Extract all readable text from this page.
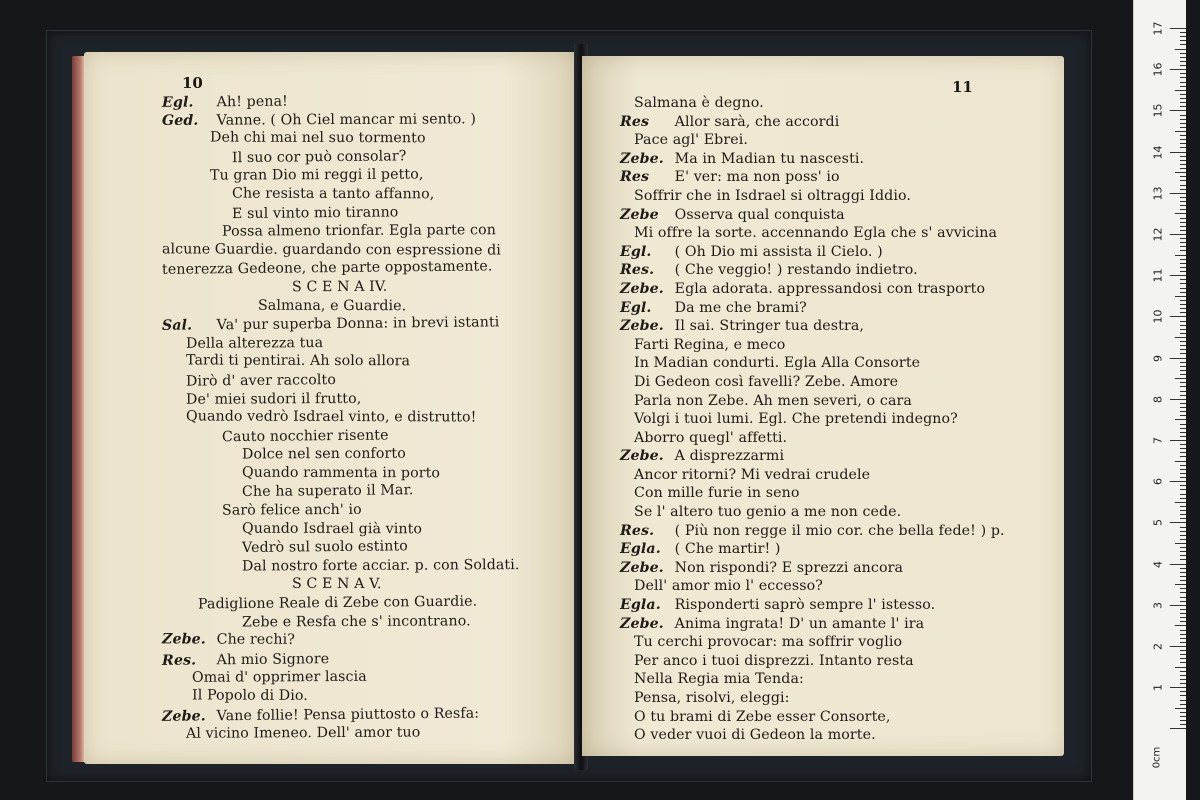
10
Egl. Ah! pena!
Ged. Vanne. ( Oh Ciel mancar mi sento. )
Deh chi mai nel suo tormento
Il suo cor può consolar?
Tu gran Dio mi reggi il petto,
Che resista a tanto affanno,
E sul vinto mio tiranno
Possa almeno trionfar. Egla parte con
alcune Guardie. guardando con espressione di
tenerezza Gedeone, che parte oppostamente.
S C E N A IV.
Salmana, e Guardie.
Sal. Va' pur superba Donna: in brevi istanti
Della alterezza tua
Tardi ti pentirai. Ah solo allora
Dirò d' aver raccolto
De' miei sudori il frutto,
Quando vedrò Isdrael vinto, e distrutto!
Cauto nocchier risente
Dolce nel sen conforto
Quando rammenta in porto
Che ha superato il Mar.
Sarò felice anch' io
Quando Isdrael già vinto
Vedrò sul suolo estinto
Dal nostro forte acciar. p. con Soldati.
S C E N A V.
Padiglione Reale di Zebe con Guardie.
Zebe e Resfa che s' incontrano.
Zebe. Che rechi?
Res. Ah mio Signore
Omai d' opprimer lascia
Il Popolo di Dio.
Zebe. Vane follie! Pensa piuttosto o Resfa:
Al vicino Imeneo. Dell' amor tuo
11
Salmana è degno.
Res Allor sarà, che accordi
Pace agl' Ebrei.
Zebe. Ma in Madian tu nascesti.
Res E' ver: ma non poss' io
Soffrir che in Isdrael si oltraggi Iddio.
Zebe Osserva qual conquista
Mi offre la sorte. accennando Egla che s' avvicina
Egl. ( Oh Dio mi assista il Cielo. )
Res. ( Che veggio! ) restando indietro.
Zebe. Egla adorata. appressandosi con trasporto
Egl. Da me che brami?
Zebe. Il sai. Stringer tua destra,
Farti Regina, e meco
In Madian condurti. Egla Alla Consorte
Di Gedeon così favelli? Zebe. Amore
Parla non Zebe. Ah men severi, o cara
Volgi i tuoi lumi. Egl. Che pretendi indegno?
Aborro quegl' affetti.
Zebe. A disprezzarmi
Ancor ritorni? Mi vedrai crudele
Con mille furie in seno
Se l' altero tuo genio a me non cede.
Res. ( Più non regge il mio cor. che bella fede! ) p.
Egla. ( Che martir! )
Zebe. Non rispondi? E sprezzi ancora
Dell' amor mio l' eccesso?
Egla. Risponderti saprò sempre l' istesso.
Zebe. Anima ingrata! D' un amante l' ira
Tu cerchi provocar: ma soffrir voglio
Per anco i tuoi disprezzi. Intanto resta
Nella Regia mia Tenda:
Pensa, risolvi, eleggi:
O tu brami di Zebe esser Consorte,
O veder vuoi di Gedeon la morte.
0cm
17
16
15
14
13
12
11
10
9
8
7
6
5
4
3
2
1
